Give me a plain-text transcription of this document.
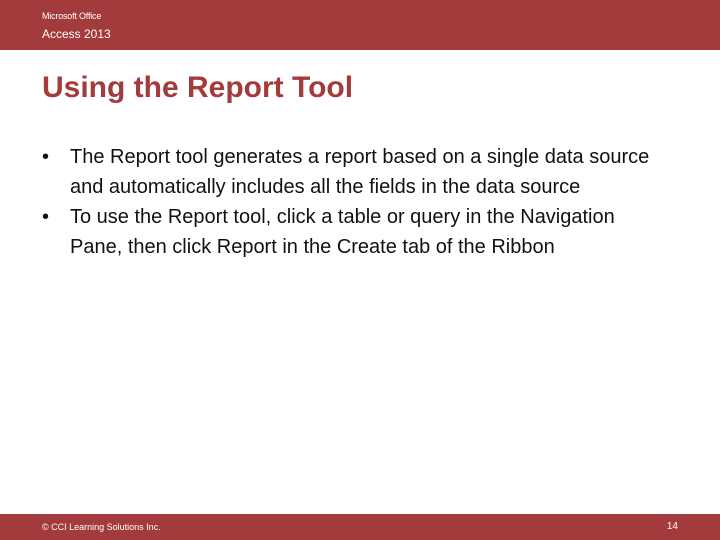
Microsoft Office
Access 2013
Using the Report Tool
•	The Report tool generates a report based on a single data source and automatically includes all the fields in the data source
•	To use the Report tool, click a table or query in the Navigation Pane, then click Report in the Create tab of the Ribbon
© CCI Learning Solutions Inc.	14
